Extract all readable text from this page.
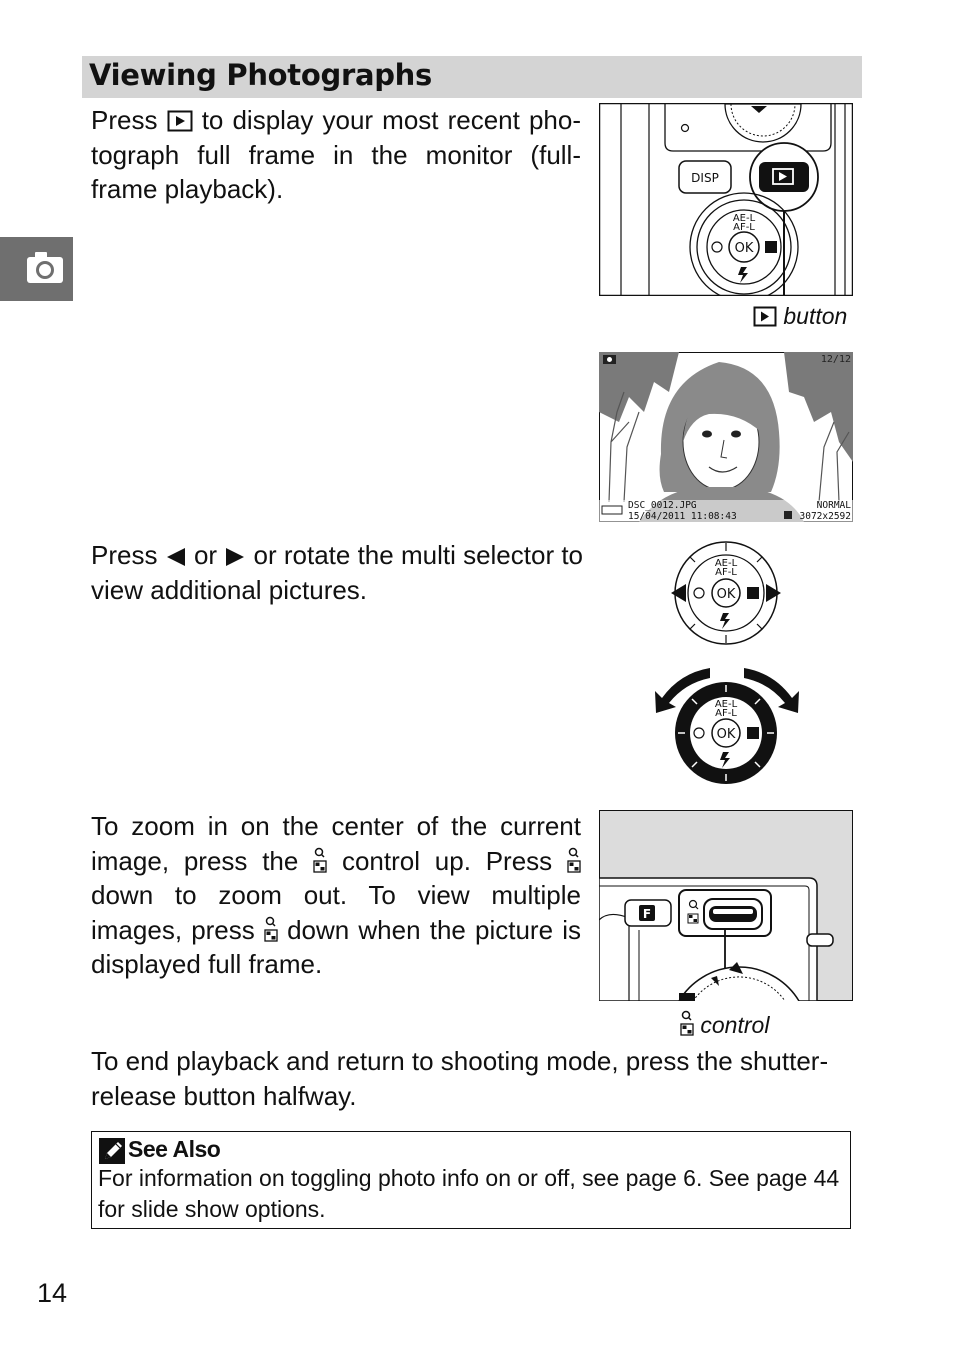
Viewing Photographs
Press to display your most recent pho-tograph full frame in the monitor (full-frame playback).	DISP
OK
AE-L
AF-L
button
12/12
DSC_0012.JPG
15/04/2011 11:08:43
NORMAL
3072x2592
Press or or rotate the multi selector to view additional pictures.	OK
AE-L
AF-L
OK
AE-L
AF-L
To zoom in on the center of the current image, press the control up. Press
down to zoom out. To view multiple images, press down when the picture is displayed full frame.
F
control
To end playback and return to shooting mode, press the shutter-release button halfway.
See Also
For information on toggling photo info on or off, see page 6. See page 44 for slide show options.
14
